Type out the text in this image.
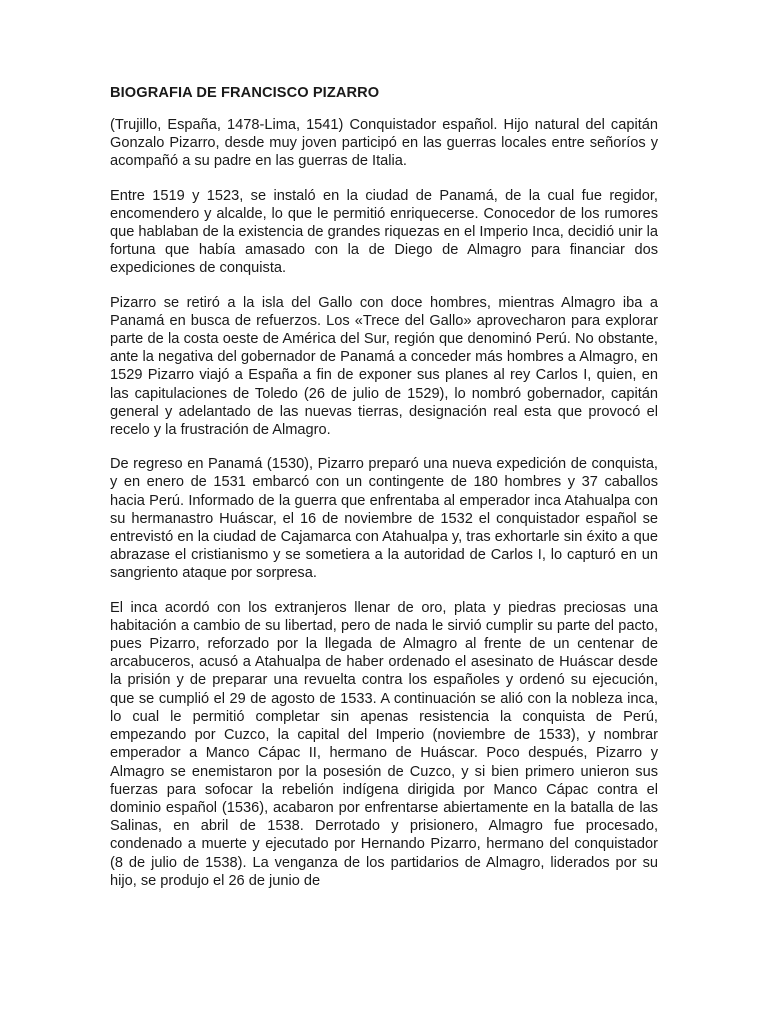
BIOGRAFIA DE FRANCISCO PIZARRO

(Trujillo, España, 1478-Lima, 1541) Conquistador español. Hijo natural del capitán Gonzalo Pizarro, desde muy joven participó en las guerras locales entre señoríos y acompañó a su padre en las guerras de Italia.

Entre 1519 y 1523, se instaló en la ciudad de Panamá, de la cual fue regidor, encomendero y alcalde, lo que le permitió enriquecerse. Conocedor de los rumores que hablaban de la existencia de grandes riquezas en el Imperio Inca, decidió unir la fortuna que había amasado con la de Diego de Almagro para financiar dos expediciones de conquista.

Pizarro se retiró a la isla del Gallo con doce hombres, mientras Almagro iba a Panamá en busca de refuerzos. Los «Trece del Gallo» aprovecharon para explorar parte de la costa oeste de América del Sur, región que denominó Perú. No obstante, ante la negativa del gobernador de Panamá a conceder más hombres a Almagro, en 1529 Pizarro viajó a España a fin de exponer sus planes al rey Carlos I, quien, en las capitulaciones de Toledo (26 de julio de 1529), lo nombró gobernador, capitán general y adelantado de las nuevas tierras, designación real esta que provocó el recelo y la frustración de Almagro.

De regreso en Panamá (1530), Pizarro preparó una nueva expedición de conquista, y en enero de 1531 embarcó con un contingente de 180 hombres y 37 caballos hacia Perú. Informado de la guerra que enfrentaba al emperador inca Atahualpa con su hermanastro Huáscar, el 16 de noviembre de 1532 el conquistador español se entrevistó en la ciudad de Cajamarca con Atahualpa y, tras exhortarle sin éxito a que abrazase el cristianismo y se sometiera a la autoridad de Carlos I, lo capturó en un sangriento ataque por sorpresa.

El inca acordó con los extranjeros llenar de oro, plata y piedras preciosas una habitación a cambio de su libertad, pero de nada le sirvió cumplir su parte del pacto, pues Pizarro, reforzado por la llegada de Almagro al frente de un centenar de arcabuceros, acusó a Atahualpa de haber ordenado el asesinato de Huáscar desde la prisión y de preparar una revuelta contra los españoles y ordenó su ejecución, que se cumplió el 29 de agosto de 1533. A continuación se alió con la nobleza inca, lo cual le permitió completar sin apenas resistencia la conquista de Perú, empezando por Cuzco, la capital del Imperio (noviembre de 1533), y nombrar emperador a Manco Cápac II, hermano de Huáscar. Poco después, Pizarro y Almagro se enemistaron por la posesión de Cuzco, y si bien primero unieron sus fuerzas para sofocar la rebelión indígena dirigida por Manco Cápac contra el dominio español (1536), acabaron por enfrentarse abiertamente en la batalla de las Salinas, en abril de 1538. Derrotado y prisionero, Almagro fue procesado, condenado a muerte y ejecutado por Hernando Pizarro, hermano del conquistador (8 de julio de 1538). La venganza de los partidarios de Almagro, liderados por su hijo, se produjo el 26 de junio de
